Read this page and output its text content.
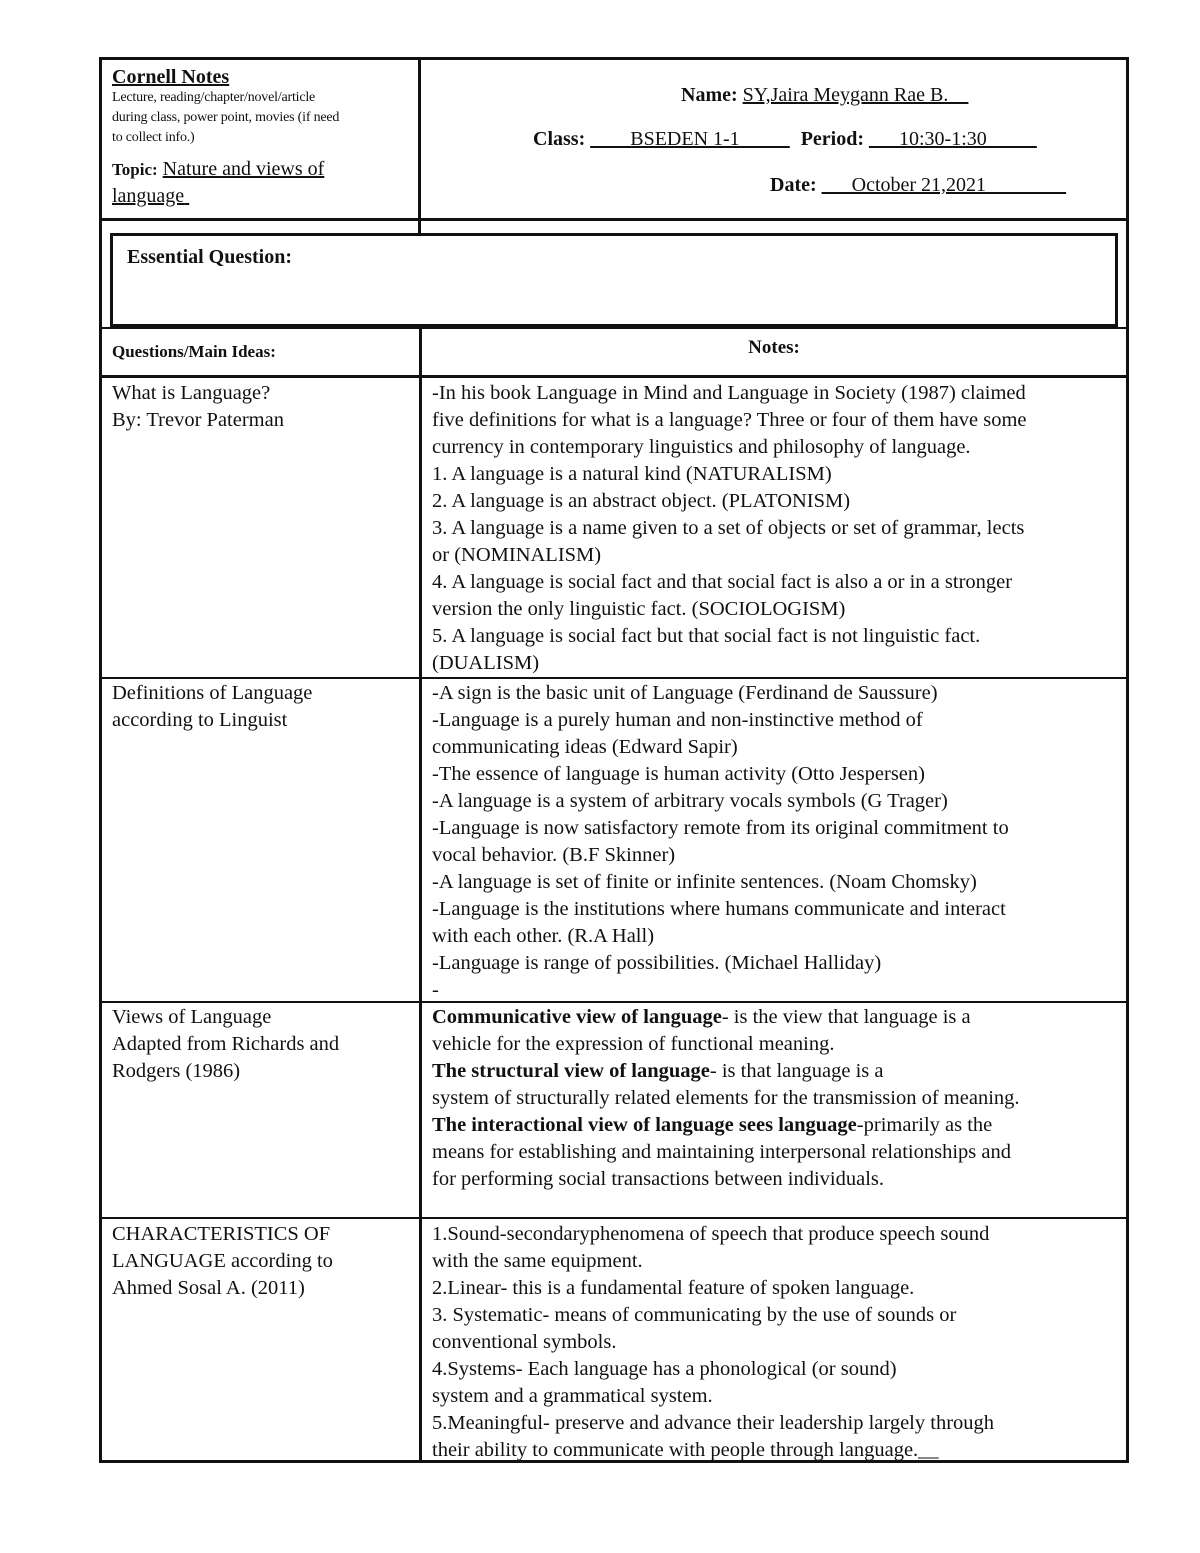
Cornell Notes
Lecture, reading/chapter/novel/article
during class, power point, movies (if need
to collect info.)
Topic: Nature and views of
language
Name: SY,Jaira Meygann Rae B.__
Class: ____BSEDEN 1-1_____ Period: ___10:30-1:30_____
Date: ___October 21,2021________
Essential Question:
Questions/Main Ideas:	Notes:
What is Language?
By: Trevor Paterman
-In his book Language in Mind and Language in Society (1987) claimed
five definitions for what is a language? Three or four of them have some
currency in contemporary linguistics and philosophy of language.
1. A language is a natural kind (NATURALISM)
2. A language is an abstract object. (PLATONISM)
3. A language is a name given to a set of objects or set of grammar, lects
or (NOMINALISM)
4. A language is social fact and that social fact is also a or in a stronger
version the only linguistic fact. (SOCIOLOGISM)
5. A language is social fact but that social fact is not linguistic fact.
(DUALISM)
Definitions of Language
according to Linguist
-A sign is the basic unit of Language (Ferdinand de Saussure)
-Language is a purely human and non-instinctive method of
communicating ideas (Edward Sapir)
-The essence of language is human activity (Otto Jespersen)
-A language is a system of arbitrary vocals symbols (G Trager)
-Language is now satisfactory remote from its original commitment to
vocal behavior. (B.F Skinner)
-A language is set of finite or infinite sentences. (Noam Chomsky)
-Language is the institutions where humans communicate and interact
with each other. (R.A Hall)
-Language is range of possibilities. (Michael Halliday)
-
Views of Language
Adapted from Richards and
Rodgers (1986)
Communicative view of language- is the view that language is a
vehicle for the expression of functional meaning.
The structural view of language- is that language is a
system of structurally related elements for the transmission of meaning.
The interactional view of language sees language-primarily as the
means for establishing and maintaining interpersonal relationships and
for performing social transactions between individuals.
CHARACTERISTICS OF
LANGUAGE according to
Ahmed Sosal A. (2011)
1.Sound-secondaryphenomena of speech that produce speech sound
with the same equipment.
2.Linear- this is a fundamental feature of spoken language.
3. Systematic- means of communicating by the use of sounds or
conventional symbols.
4.Systems- Each language has a phonological (or sound)
system and a grammatical system.
5.Meaningful- preserve and advance their leadership largely through
their ability to communicate with people through language.__
